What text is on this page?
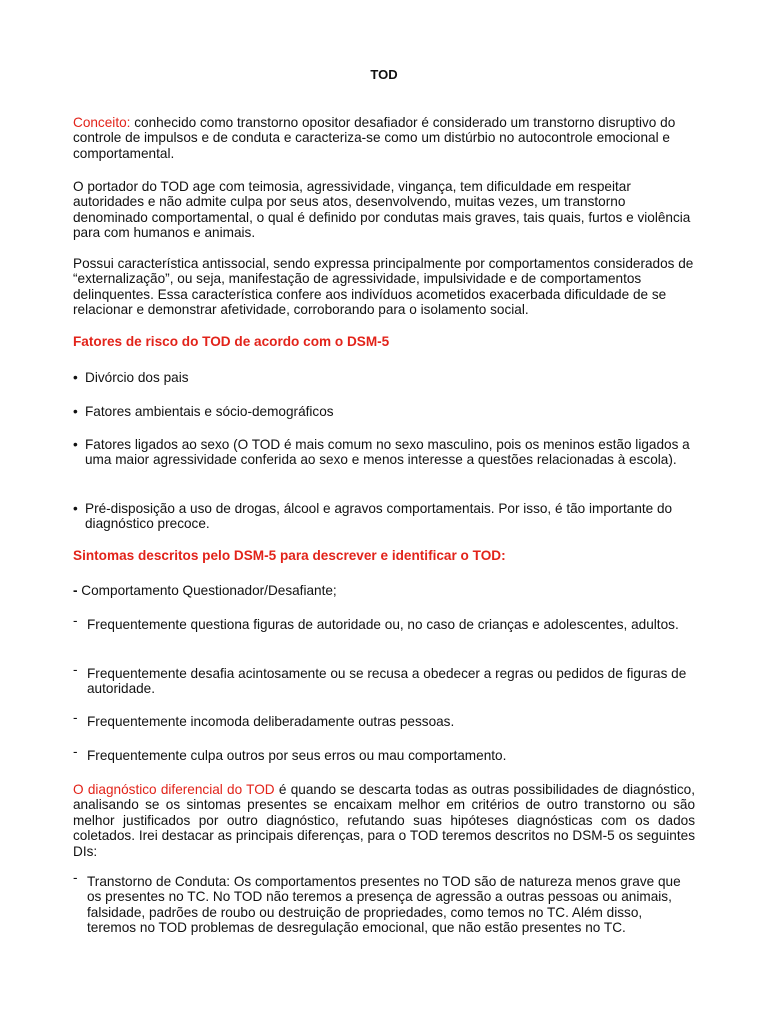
TOD
Conceito: conhecido como transtorno opositor desafiador é considerado um transtorno disruptivo do controle de impulsos e de conduta e caracteriza-se como um distúrbio no autocontrole emocional e comportamental.
O portador do TOD age com teimosia, agressividade, vingança, tem dificuldade em respeitar autoridades e não admite culpa por seus atos, desenvolvendo, muitas vezes, um transtorno denominado comportamental, o qual é definido por condutas mais graves, tais quais, furtos e violência para com humanos e animais.
Possui característica antissocial, sendo expressa principalmente por comportamentos considerados de “externalização”, ou seja, manifestação de agressividade, impulsividade e de comportamentos delinquentes. Essa característica confere aos indivíduos acometidos exacerbada dificuldade de se relacionar e demonstrar afetividade, corroborando para o isolamento social.
Fatores de risco do TOD de acordo com o DSM-5
• Divórcio dos pais
• Fatores ambientais e sócio-demográficos
• Fatores ligados ao sexo (O TOD é mais comum no sexo masculino, pois os meninos estão ligados a uma maior agressividade conferida ao sexo e menos interesse a questões relacionadas à escola).
• Pré-disposição a uso de drogas, álcool e agravos comportamentais. Por isso, é tão importante do diagnóstico precoce.
Sintomas descritos pelo DSM-5 para descrever e identificar o TOD:
- Comportamento Questionador/Desafiante;
- Frequentemente questiona figuras de autoridade ou, no caso de crianças e adolescentes, adultos.
- Frequentemente desafia acintosamente ou se recusa a obedecer a regras ou pedidos de figuras de autoridade.
- Frequentemente incomoda deliberadamente outras pessoas.
- Frequentemente culpa outros por seus erros ou mau comportamento.
O diagnóstico diferencial do TOD é quando se descarta todas as outras possibilidades de diagnóstico, analisando se os sintomas presentes se encaixam melhor em critérios de outro transtorno ou são melhor justificados por outro diagnóstico, refutando suas hipóteses diagnósticas com os dados coletados. Irei destacar as principais diferenças, para o TOD teremos descritos no DSM-5 os seguintes DIs:
- Transtorno de Conduta: Os comportamentos presentes no TOD são de natureza menos grave que os presentes no TC. No TOD não teremos a presença de agressão a outras pessoas ou animais, falsidade, padrões de roubo ou destruição de propriedades, como temos no TC. Além disso, teremos no TOD problemas de desregulação emocional, que não estão presentes no TC.
